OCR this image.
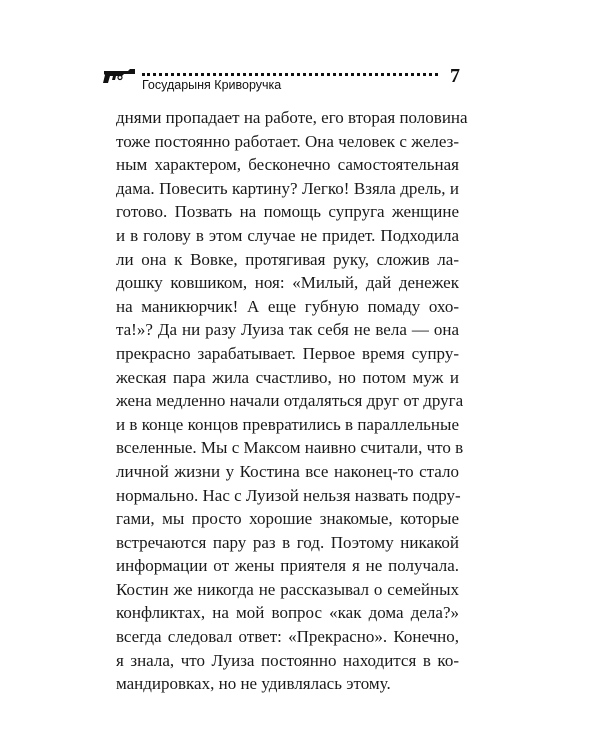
Государыня Криворучка	7
днями пропадает на работе, его вторая половина
тоже постоянно работает. Она человек с желез-
ным характером, бесконечно самостоятельная
дама. Повесить картину? Легко! Взяла дрель, и
готово. Позвать на помощь супруга женщине
и в голову в этом случае не придет. Подходила
ли она к Вовке, протягивая руку, сложив ла-
дошку ковшиком, ноя: «Милый, дай денежек
на маникюрчик! А еще губную помаду охо-
та!»? Да ни разу Луиза так себя не вела — она
прекрасно зарабатывает. Первое время супру-
жеская пара жила счастливо, но потом муж и
жена медленно начали отдаляться друг от друга
и в конце концов превратились в параллельные
вселенные. Мы с Максом наивно считали, что в
личной жизни у Костина все наконец-то стало
нормально. Нас с Луизой нельзя назвать подру-
гами, мы просто хорошие знакомые, которые
встречаются пару раз в год. Поэтому никакой
информации от жены приятеля я не получала.
Костин же никогда не рассказывал о семейных
конфликтах, на мой вопрос «как дома дела?»
всегда следовал ответ: «Прекрасно». Конечно,
я знала, что Луиза постоянно находится в ко-
мандировках, но не удивлялась этому.
